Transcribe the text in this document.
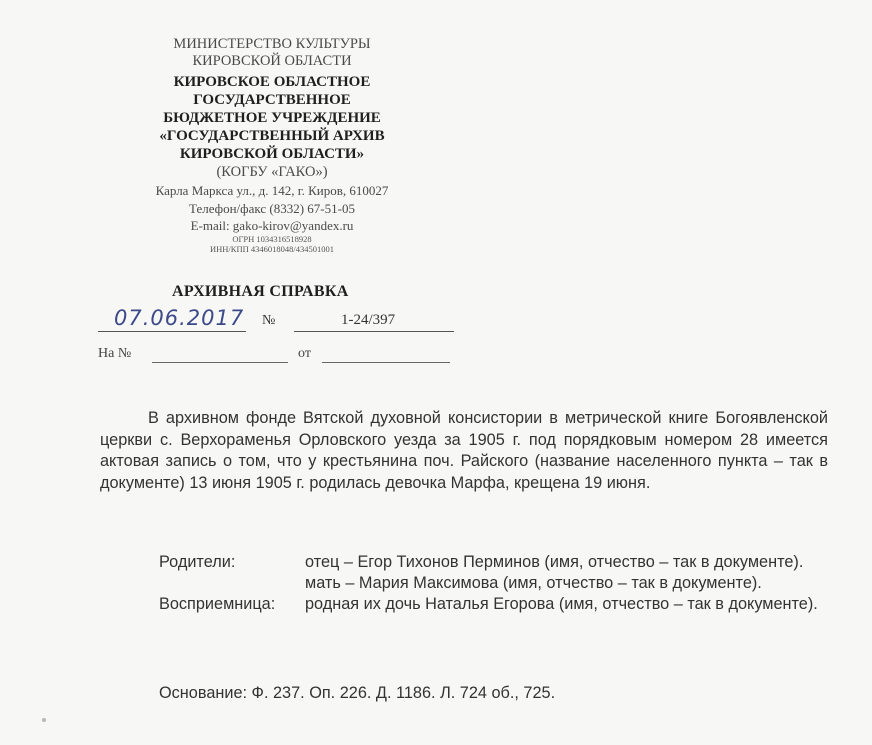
МИНИСТЕРСТВО КУЛЬТУРЫ
КИРОВСКОЙ ОБЛАСТИ
КИРОВСКОЕ ОБЛАСТНОЕ
ГОСУДАРСТВЕННОЕ
БЮДЖЕТНОЕ УЧРЕЖДЕНИЕ
«ГОСУДАРСТВЕННЫЙ АРХИВ
КИРОВСКОЙ ОБЛАСТИ»
(КОГБУ «ГАКО»)
Карла Маркса ул., д. 142, г. Киров, 610027
Телефон/факс (8332) 67-51-05
E-mail: gako-kirov@yandex.ru
ОГРН 1034316518928
ИНН/КПП 4346018048/434501001
АРХИВНАЯ СПРАВКА
07.06.2017 №	1-24/397
На №	от
В архивном фонде Вятской духовной консистории в метрической книге Богоявленской церкви с. Верхораменья Орловского уезда за 1905 г. под порядковым номером 28 имеется актовая запись о том, что у крестьянина поч. Райского (название населенного пункта – так в документе) 13 июня 1905 г. родилась девочка Марфа, крещена 19 июня.
Родители:	отец – Егор Тихонов Перминов (имя, отчество – так в документе).
мать – Мария Максимова (имя, отчество – так в документе).
Восприемница:	родная их дочь Наталья Егорова (имя, отчество – так в документе).
Основание: Ф. 237. Оп. 226. Д. 1186. Л. 724 об., 725.
